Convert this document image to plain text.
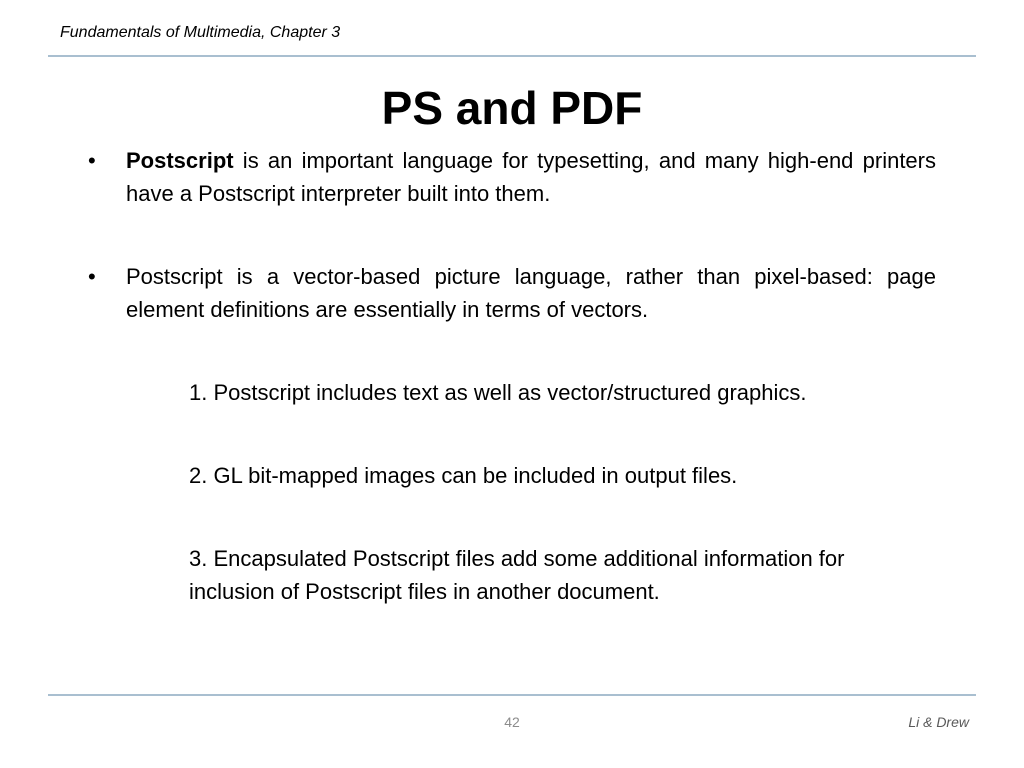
Fundamentals of Multimedia, Chapter 3
PS and PDF
•	Postscript is an important language for typesetting, and many high-end printers have a Postscript interpreter built into them.
•	Postscript is a vector-based picture language, rather than pixel-based: page element definitions are essentially in terms of vectors.
1. Postscript includes text as well as vector/structured graphics.
2. GL bit-mapped images can be included in output files.
3. Encapsulated Postscript files add some additional information for inclusion of Postscript files in another document.
42	Li & Drew
